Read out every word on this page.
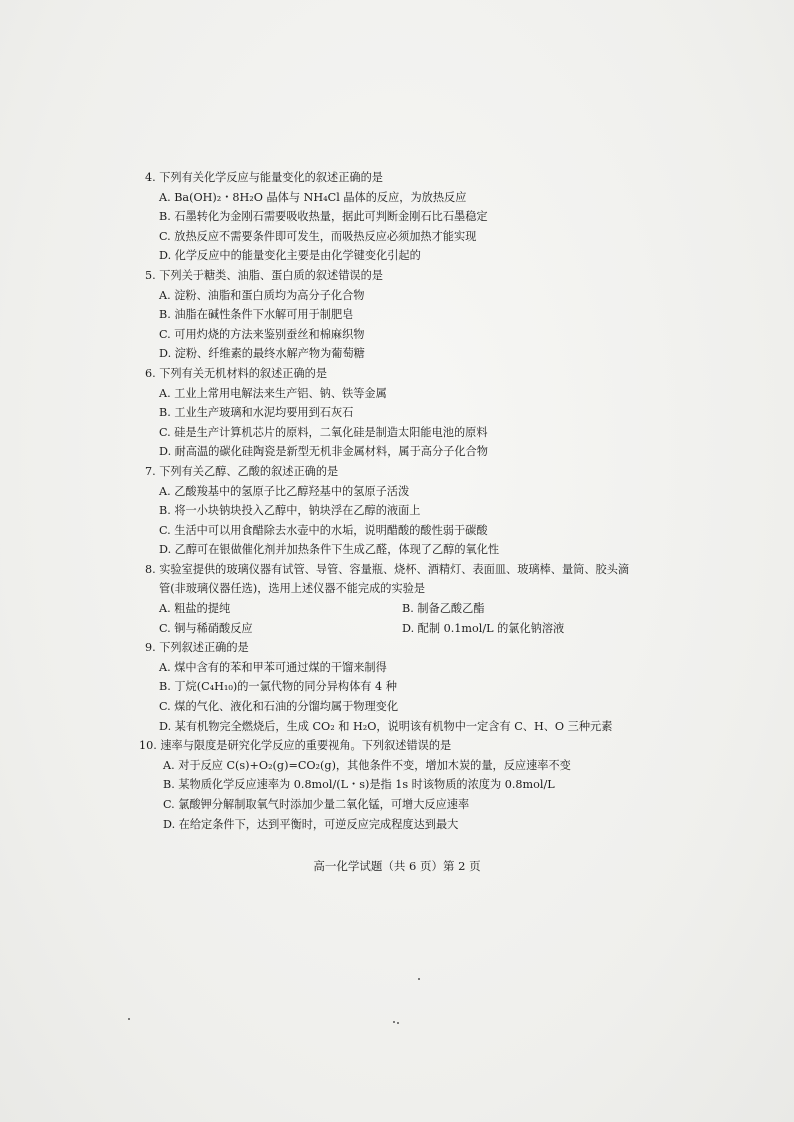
4. 下列有关化学反应与能量变化的叙述正确的是
A. Ba(OH)₂・8H₂O 晶体与 NH₄Cl 晶体的反应，为放热反应
B. 石墨转化为金刚石需要吸收热量，据此可判断金刚石比石墨稳定
C. 放热反应不需要条件即可发生，而吸热反应必须加热才能实现
D. 化学反应中的能量变化主要是由化学键变化引起的
5. 下列关于糖类、油脂、蛋白质的叙述错误的是
A. 淀粉、油脂和蛋白质均为高分子化合物
B. 油脂在碱性条件下水解可用于制肥皂
C. 可用灼烧的方法来鉴别蚕丝和棉麻织物
D. 淀粉、纤维素的最终水解产物为葡萄糖
6. 下列有关无机材料的叙述正确的是
A. 工业上常用电解法来生产铝、钠、铁等金属
B. 工业生产玻璃和水泥均要用到石灰石
C. 硅是生产计算机芯片的原料，二氧化硅是制造太阳能电池的原料
D. 耐高温的碳化硅陶瓷是新型无机非金属材料，属于高分子化合物
7. 下列有关乙醇、乙酸的叙述正确的是
A. 乙酸羧基中的氢原子比乙醇羟基中的氢原子活泼
B. 将一小块钠块投入乙醇中，钠块浮在乙醇的液面上
C. 生活中可以用食醋除去水壶中的水垢，说明醋酸的酸性弱于碳酸
D. 乙醇可在银做催化剂并加热条件下生成乙醛，体现了乙醇的氧化性
8. 实验室提供的玻璃仪器有试管、导管、容量瓶、烧杯、酒精灯、表面皿、玻璃棒、量筒、胶头滴
管(非玻璃仪器任选)，选用上述仪器不能完成的实验是
A. 粗盐的提纯	B. 制备乙酸乙酯
C. 铜与稀硝酸反应	D. 配制 0.1mol/L 的氯化钠溶液
9. 下列叙述正确的是
A. 煤中含有的苯和甲苯可通过煤的干馏来制得
B. 丁烷(C₄H₁₀)的一氯代物的同分异构体有 4 种
C. 煤的气化、液化和石油的分馏均属于物理变化
D. 某有机物完全燃烧后，生成 CO₂ 和 H₂O，说明该有机物中一定含有 C、H、O 三种元素
10. 速率与限度是研究化学反应的重要视角。下列叙述错误的是
A. 对于反应 C(s)+O₂(g)=CO₂(g)，其他条件不变，增加木炭的量，反应速率不变
B. 某物质化学反应速率为 0.8mol/(L・s)是指 1s 时该物质的浓度为 0.8mol/L
C. 氯酸钾分解制取氧气时添加少量二氧化锰，可增大反应速率
D. 在给定条件下，达到平衡时，可逆反应完成程度达到最大
高一化学试题（共 6 页）第 2 页
